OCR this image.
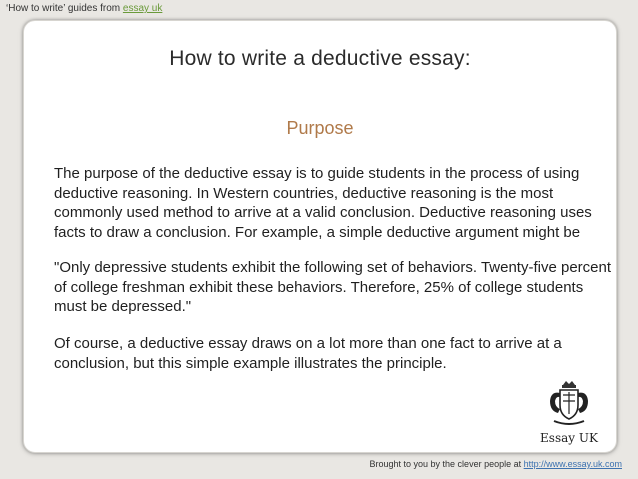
‘How to write’ guides from essay uk
How to write a deductive essay:
Purpose
The purpose of the deductive essay is to guide students in the process of using deductive reasoning. In Western countries, deductive reasoning is the most commonly used method to arrive at a valid conclusion. Deductive reasoning uses facts to draw a conclusion. For example, a simple deductive argument might be
"Only depressive students exhibit the following set of behaviors. Twenty-five percent of college freshman exhibit these behaviors. Therefore, 25% of college students must be depressed."
Of course, a deductive essay draws on a lot more than one fact to arrive at a conclusion, but this simple example illustrates the principle.
Essay UK
Brought to you by the clever people at http://www.essay.uk.com
